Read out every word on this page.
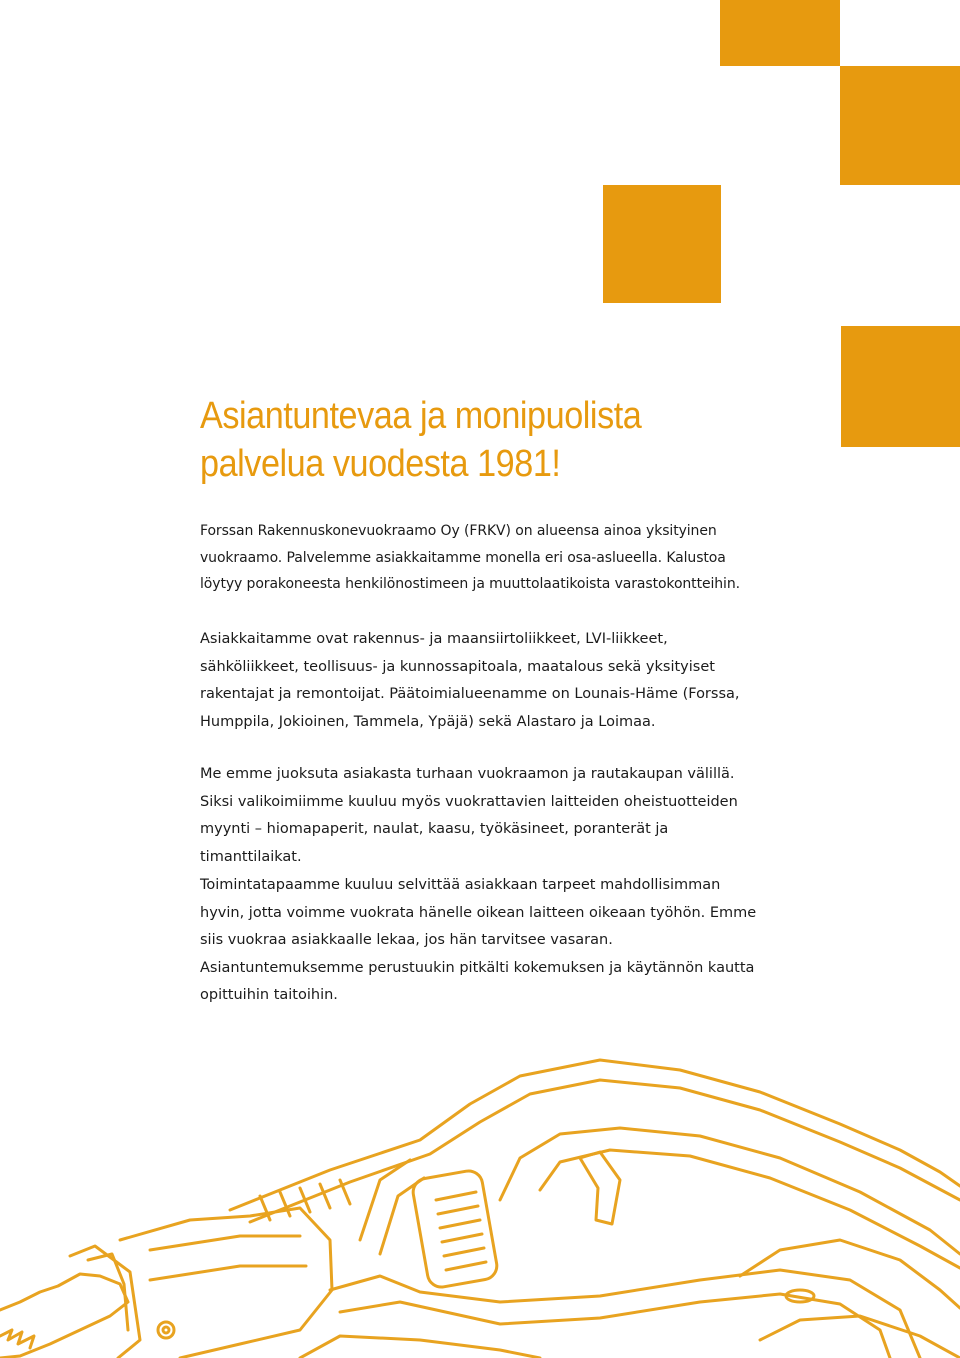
Asiantuntevaa ja monipuolista
palvelua vuodesta 1981!

Forssan Rakennuskonevuokraamo Oy (FRKV) on alueensa ainoa yksityinen vuokraamo. Palvelemme asiakkaitamme monella eri osa-asluеella. Kalustoa löytyy porakoneesta henkilönostimeen ja muuttolaatikoista varastokontteihin.

Asiakkaitamme ovat rakennus- ja maansiirtoliikkeet, LVI-liikkeet, sähköliikkeet, teollisuus- ja kunnossapitoala, maatalous sekä yksityiset rakentajat ja remontoijat. Päätoimialueenamme on Lounais-Häme (Forssa, Humppila, Jokioinen, Tammela, Ypäjä) sekä Alastaro ja Loimaa.

Me emme juoksuta asiakasta turhaan vuokraamon ja rautakaupan välillä. Siksi valikoimiimme kuuluu myös vuokrattavien laitteiden oheistuotteiden myynti – hiomapaperit, naulat, kaasu, työkäsineet, poranterät ja timanttilaikat.

Toimintatapaamme kuuluu selvittää asiakkaan tarpeet mahdollisimman hyvin, jotta voimme vuokrata hänelle oikean laitteen oikeaan työhön. Emme siis vuokraa asiakkaalle lekaa, jos hän tarvitsee vasaran. Asiantuntemuksemme perustuukin pitkälti kokemuksen ja käytännön kautta opittuihin taitoihin.
